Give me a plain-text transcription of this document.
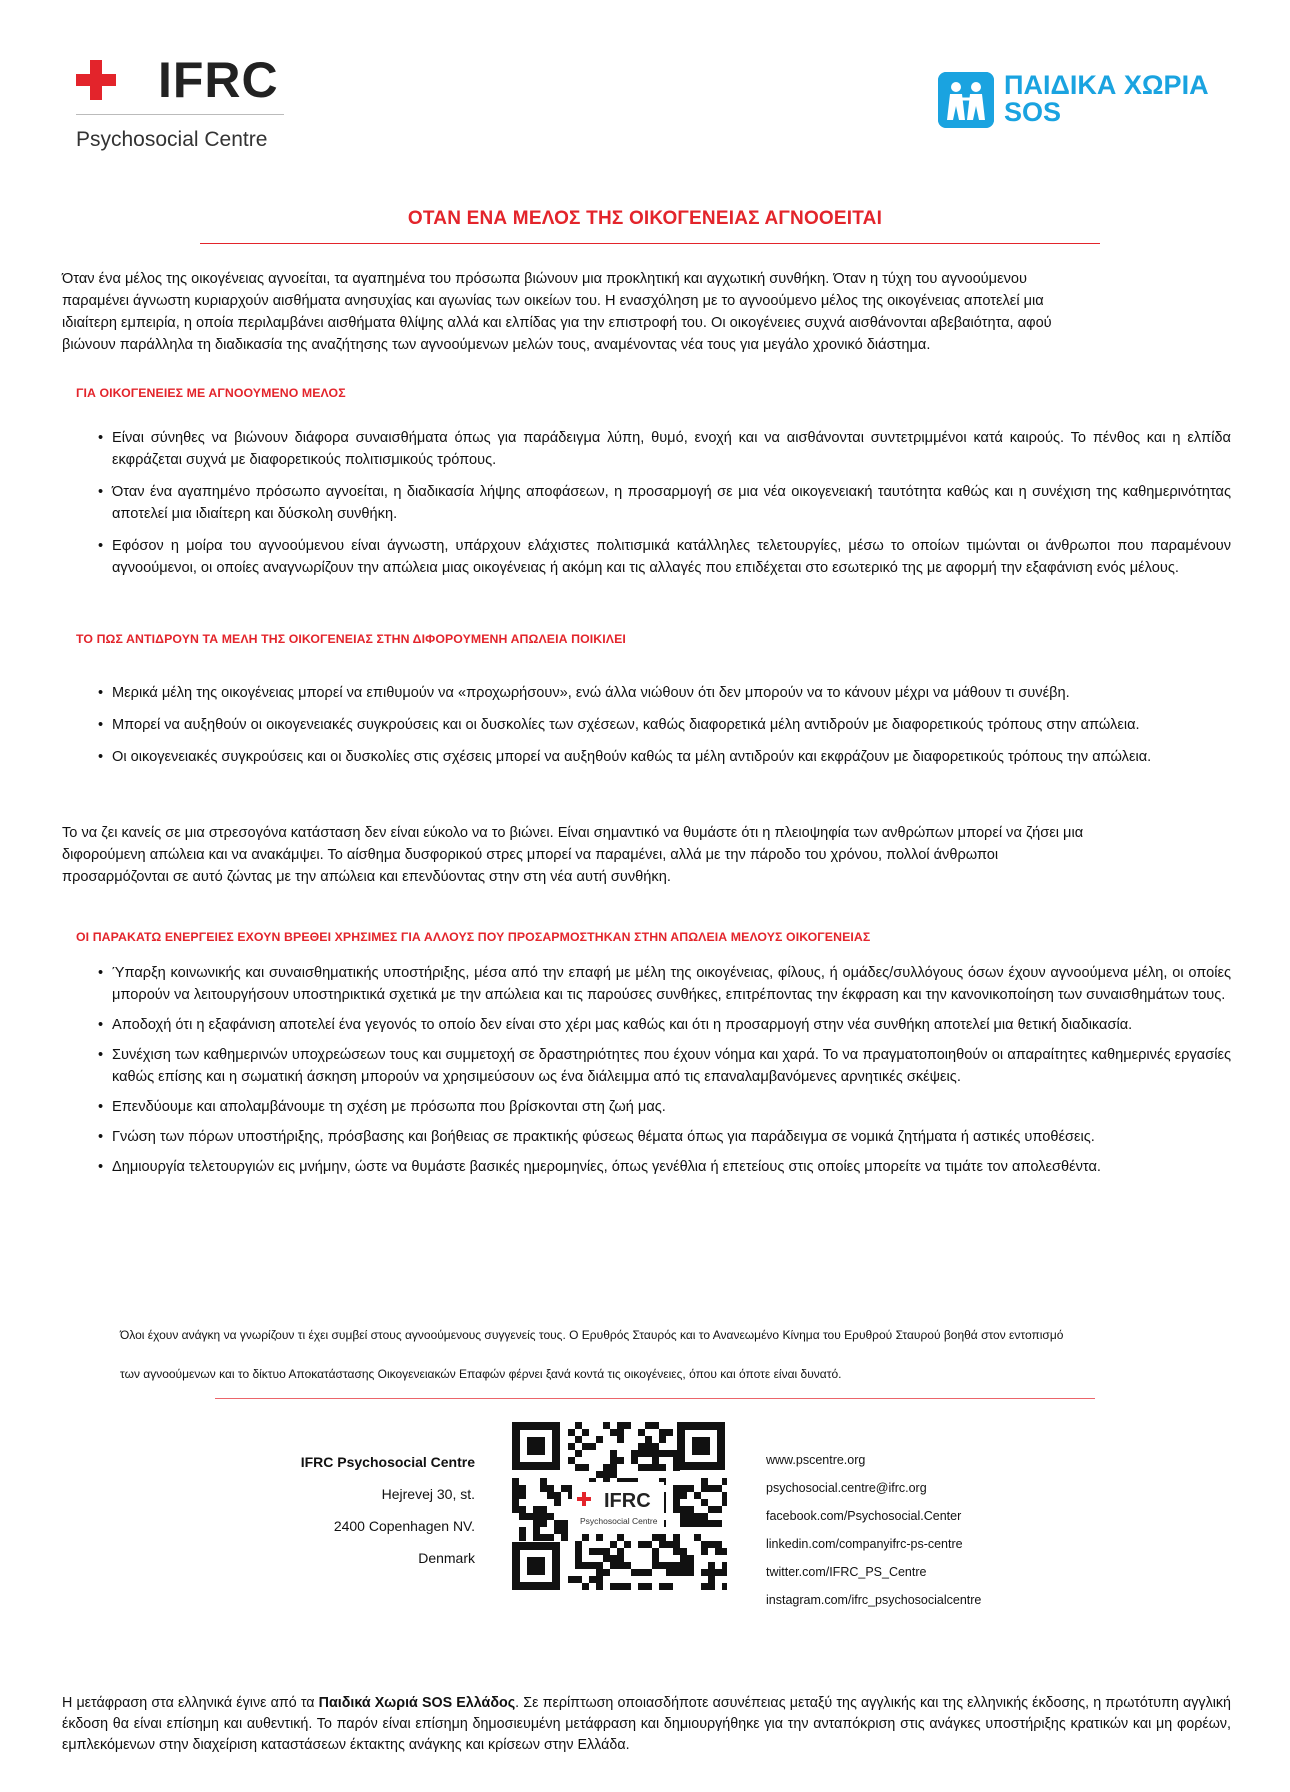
IFRC
Psychosocial Centre
ΠΑΙΔΙΚΑ ΧΩΡΙΑ
SOS
ΟΤΑΝ ΕΝΑ ΜΕΛΟΣ ΤΗΣ ΟΙΚΟΓΕΝΕΙΑΣ ΑΓΝΟΟΕΙΤΑΙ
Όταν ένα μέλος της οικογένειας αγνοείται, τα αγαπημένα του πρόσωπα βιώνουν μια προκλητική και αγχωτική συνθήκη. Όταν η τύχη του αγνοούμενου
παραμένει άγνωστη κυριαρχούν αισθήματα ανησυχίας και αγωνίας των οικείων του. Η ενασχόληση με το αγνοούμενο μέλος της οικογένειας αποτελεί μια
ιδιαίτερη εμπειρία, η οποία περιλαμβάνει αισθήματα θλίψης αλλά και ελπίδας για την επιστροφή του. Οι οικογένειες συχνά αισθάνονται αβεβαιότητα, αφού
βιώνουν παράλληλα τη διαδικασία της αναζήτησης των αγνοούμενων μελών τους, αναμένοντας νέα τους για μεγάλο χρονικό διάστημα.
ΓΙΑ ΟΙΚΟΓΕΝΕΙΕΣ ΜΕ ΑΓΝΟΟΥΜΕΝΟ ΜΕΛΟΣ
• Είναι σύνηθες να βιώνουν διάφορα συναισθήματα όπως για παράδειγμα λύπη, θυμό, ενοχή και να αισθάνονται συντετριμμένοι κατά καιρούς. Το πένθος και η ελπίδα εκφράζεται συχνά με διαφορετικούς πολιτισμικούς τρόπους.
• Όταν ένα αγαπημένο πρόσωπο αγνοείται, η διαδικασία λήψης αποφάσεων, η προσαρμογή σε μια νέα οικογενειακή ταυτότητα καθώς και η συνέχιση της καθημερινότητας αποτελεί μια ιδιαίτερη και δύσκολη συνθήκη.
• Εφόσον η μοίρα του αγνοούμενου είναι άγνωστη, υπάρχουν ελάχιστες πολιτισμικά κατάλληλες τελετουργίες, μέσω το οποίων τιμώνται οι άνθρωποι που παραμένουν αγνοούμενοι, οι οποίες αναγνωρίζουν την απώλεια μιας οικογένειας ή ακόμη και τις αλλαγές που επιδέχεται στο εσωτερικό της με αφορμή την εξαφάνιση ενός μέλους.
ΤΟ ΠΩΣ ΑΝΤΙΔΡΟΥΝ ΤΑ ΜΕΛΗ ΤΗΣ ΟΙΚΟΓΕΝΕΙΑΣ ΣΤΗΝ ΔΙΦΟΡΟΥΜΕΝΗ ΑΠΩΛΕΙΑ ΠΟΙΚΙΛΕΙ
• Μερικά μέλη της οικογένειας μπορεί να επιθυμούν να «προχωρήσουν», ενώ άλλα νιώθουν ότι δεν μπορούν να το κάνουν μέχρι να μάθουν τι συνέβη.
• Μπορεί να αυξηθούν οι οικογενειακές συγκρούσεις και οι δυσκολίες των σχέσεων, καθώς διαφορετικά μέλη αντιδρούν με διαφορετικούς τρόπους στην απώλεια.
• Οι οικογενειακές συγκρούσεις και οι δυσκολίες στις σχέσεις μπορεί να αυξηθούν καθώς τα μέλη αντιδρούν και εκφράζουν με διαφορετικούς τρόπους την απώλεια.
Το να ζει κανείς σε μια στρεσογόνα κατάσταση δεν είναι εύκολο να το βιώνει. Είναι σημαντικό να θυμάστε ότι η πλειοψηφία των ανθρώπων μπορεί να ζήσει μια
διφορούμενη απώλεια και να ανακάμψει. Το αίσθημα δυσφορικού στρες μπορεί να παραμένει, αλλά με την πάροδο του χρόνου, πολλοί άνθρωποι
προσαρμόζονται σε αυτό ζώντας με την απώλεια και επενδύοντας στην στη νέα αυτή συνθήκη.
ΟΙ ΠΑΡΑΚΑΤΩ ΕΝΕΡΓΕΙΕΣ ΕΧΟΥΝ ΒΡΕΘΕΙ ΧΡΗΣΙΜΕΣ ΓΙΑ ΑΛΛΟΥΣ ΠΟΥ ΠΡΟΣΑΡΜΟΣΤΗΚΑΝ ΣΤΗΝ ΑΠΩΛΕΙΑ ΜΕΛΟΥΣ ΟΙΚΟΓΕΝΕΙΑΣ
• Ύπαρξη κοινωνικής και συναισθηματικής υποστήριξης, μέσα από την επαφή με μέλη της οικογένειας, φίλους, ή ομάδες/συλλόγους όσων έχουν αγνοούμενα μέλη, οι οποίες μπορούν να λειτουργήσουν υποστηρικτικά σχετικά με την απώλεια και τις παρούσες συνθήκες, επιτρέποντας την έκφραση και την κανονικοποίηση των συναισθημάτων τους.
• Αποδοχή ότι η εξαφάνιση αποτελεί ένα γεγονός το οποίο δεν είναι στο χέρι μας καθώς και ότι η προσαρμογή στην νέα συνθήκη αποτελεί μια θετική διαδικασία.
• Συνέχιση των καθημερινών υποχρεώσεων τους και συμμετοχή σε δραστηριότητες που έχουν νόημα και χαρά. Το να πραγματοποιηθούν οι απαραίτητες καθημερινές εργασίες καθώς επίσης και η σωματική άσκηση μπορούν να χρησιμεύσουν ως ένα διάλειμμα από τις επαναλαμβανόμενες αρνητικές σκέψεις.
• Επενδύουμε και απολαμβάνουμε τη σχέση με πρόσωπα που βρίσκονται στη ζωή μας.
• Γνώση των πόρων υποστήριξης, πρόσβασης και βοήθειας σε πρακτικής φύσεως θέματα όπως για παράδειγμα σε νομικά ζητήματα ή αστικές υποθέσεις.
• Δημιουργία τελετουργιών εις μνήμην, ώστε να θυμάστε βασικές ημερομηνίες, όπως γενέθλια ή επετείους στις οποίες μπορείτε να τιμάτε τον απολεσθέντα.
Όλοι έχουν ανάγκη να γνωρίζουν τι έχει συμβεί στους αγνοούμενους συγγενείς τους. Ο Ερυθρός Σταυρός και το Ανανεωμένο Κίνημα του Ερυθρού Σταυρού βοηθά στον εντοπισμό
των αγνοούμενων και το δίκτυο Αποκατάστασης Οικογενειακών Επαφών φέρνει ξανά κοντά τις οικογένειες, όπου και όποτε είναι δυνατό.
IFRC Psychosocial Centre
Hejrevej 30, st.
2400 Copenhagen NV.
Denmark
IFRC
Psychosocial Centre
www.pscentre.org
psychosocial.centre@ifrc.org
facebook.com/Psychosocial.Center
linkedin.com/companyifrc-ps-centre
twitter.com/IFRC_PS_Centre
instagram.com/ifrc_psychosocialcentre
Η μετάφραση στα ελληνικά έγινε από τα Παιδικά Χωριά SOS Ελλάδος. Σε περίπτωση οποιασδήποτε ασυνέπειας μεταξύ της αγγλικής και της ελληνικής έκδοσης, η πρωτότυπη αγγλική έκδοση θα είναι επίσημη και αυθεντική. Το παρόν είναι επίσημη δημοσιευμένη μετάφραση και δημιουργήθηκε για την ανταπόκριση στις ανάγκες υποστήριξης κρατικών και μη φορέων, εμπλεκόμενων στην διαχείριση καταστάσεων έκτακτης ανάγκης και κρίσεων στην Ελλάδα.
